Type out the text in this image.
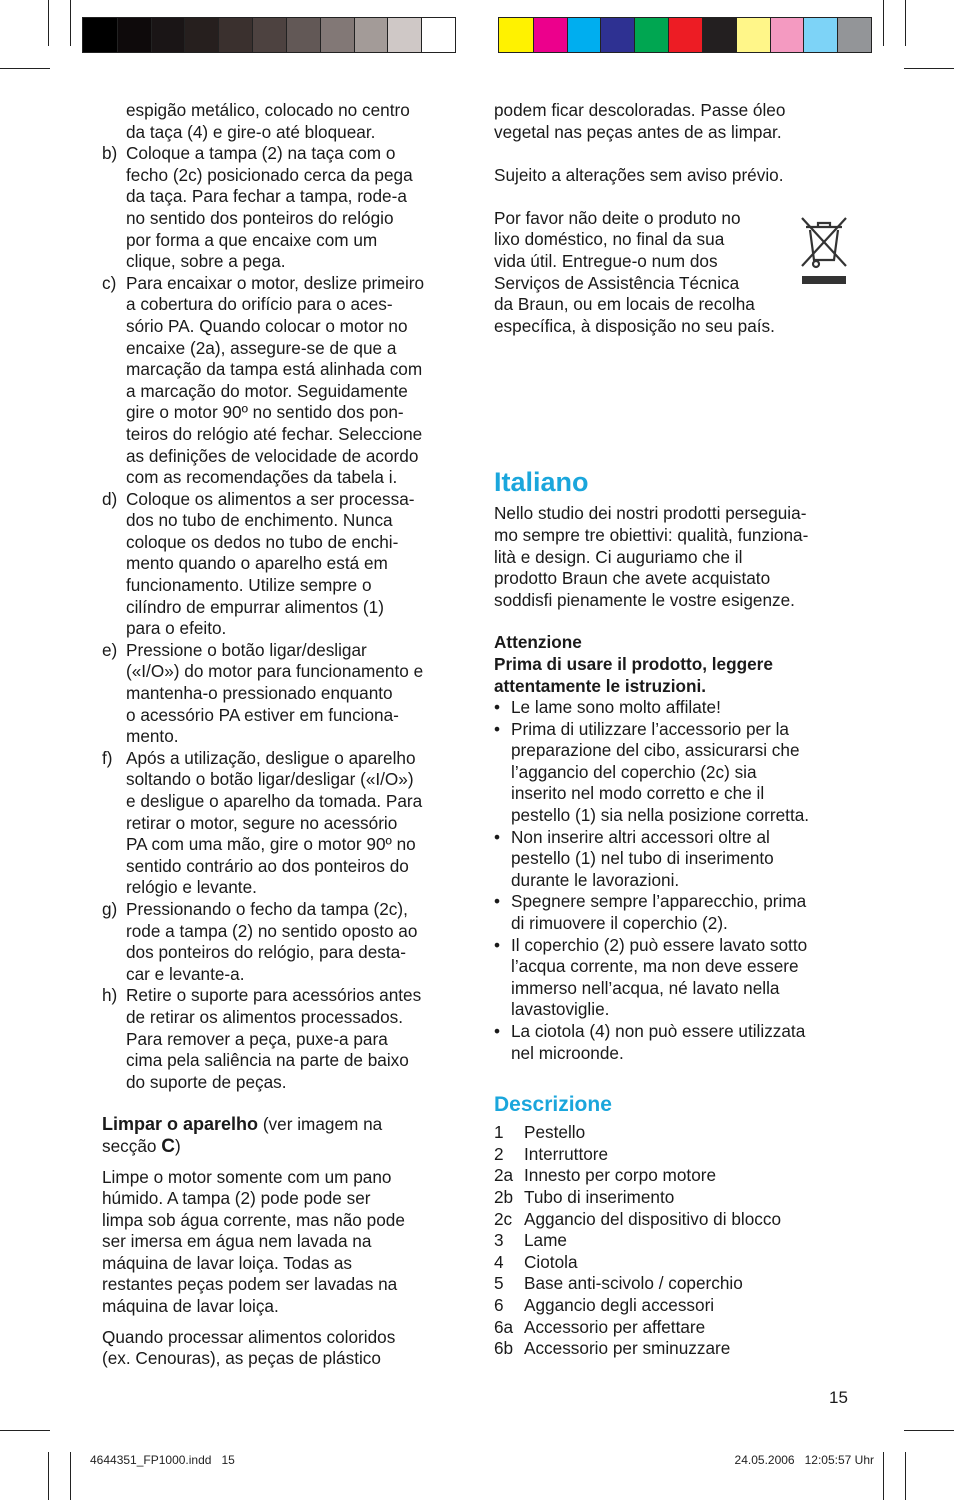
espigão metálico, colocado no centro
da taça (4) e gire-o até bloquear.
b) Coloque a tampa (2) na taça com o
fecho (2c) posicionado cerca da pega
da taça. Para fechar a tampa, rode-a
no sentido dos ponteiros do relógio
por forma a que encaixe com um
clique, sobre a pega.
c) Para encaixar o motor, deslize primeiro
a cobertura do orifício para o aces-
sório PA. Quando colocar o motor no
encaixe (2a), assegure-se de que a
marcação da tampa está alinhada com
a marcação do motor. Seguidamente
gire o motor 90º no sentido dos pon-
teiros do relógio até fechar. Seleccione
as definições de velocidade de acordo
com as recomendações da tabela i.
d) Coloque os alimentos a ser processa-
dos no tubo de enchimento. Nunca
coloque os dedos no tubo de enchi-
mento quando o aparelho está em
funcionamento. Utilize sempre o
cilíndro de empurrar alimentos (1)
para o efeito.
e) Pressione o botão ligar/desligar
(«I/O») do motor para funcionamento e
mantenha-o pressionado enquanto
o acessório PA estiver em funciona-
mento.
f) Após a utilização, desligue o aparelho
soltando o botão ligar/desligar («I/O»)
e desligue o aparelho da tomada. Para
retirar o motor, segure no acessório
PA com uma mão, gire o motor 90º no
sentido contrário ao dos ponteiros do
relógio e levante.
g) Pressionando o fecho da tampa (2c),
rode a tampa (2) no sentido oposto ao
dos ponteiros do relógio, para desta-
car e levante-a.
h) Retire o suporte para acessórios antes
de retirar os alimentos processados.
Para remover a peça, puxe-a para
cima pela saliência na parte de baixo
do suporte de peças.
Limpar o aparelho (ver imagem na
secção C)
Limpe o motor somente com um pano
húmido. A tampa (2) pode pode ser
limpa sob água corrente, mas não pode
ser imersa em água nem lavada na
máquina de lavar loiça. Todas as
restantes peças podem ser lavadas na
máquina de lavar loiça.
Quando processar alimentos coloridos
(ex. Cenouras), as peças de plástico
podem ficar descoloradas. Passe óleo
vegetal nas peças antes de as limpar.
Sujeito a alterações sem aviso prévio.
Por favor não deite o produto no
lixo doméstico, no final da sua
vida útil. Entregue-o num dos
Serviços de Assistência Técnica
da Braun, ou em locais de recolha
específica, à disposição no seu país.
Italiano
Nello studio dei nostri prodotti perseguia-
mo sempre tre obiettivi: qualità, funziona-
lità e design. Ci auguriamo che il
prodotto Braun che avete acquistato
soddisfi pienamente le vostre esigenze.
Attenzione
Prima di usare il prodotto, leggere
attentamente le istruzioni.
• Le lame sono molto affilate!
• Prima di utilizzare l’accessorio per la
preparazione del cibo, assicurarsi che
l’aggancio del coperchio (2c) sia
inserito nel modo corretto e che il
pestello (1) sia nella posizione corretta.
• Non inserire altri accessori oltre al
pestello (1) nel tubo di inserimento
durante le lavorazioni.
• Spegnere sempre l’apparecchio, prima
di rimuovere il coperchio (2).
• Il coperchio (2) può essere lavato sotto
l’acqua corrente, ma non deve essere
immerso nell’acqua, né lavato nella
lavastoviglie.
• La ciotola (4) non può essere utilizzata
nel microonde.
Descrizione
1	Pestello
2	Interruttore
2a Innesto per corpo motore
2b Tubo di inserimento
2c Aggancio del dispositivo di blocco
3	Lame
4	Ciotola
5	Base anti-scivolo / coperchio
6	Aggancio degli accessori
6a Accessorio per affettare
6b Accessorio per sminuzzare
15
4644351_FP1000.indd   15	24.05.2006   12:05:57 Uhr
